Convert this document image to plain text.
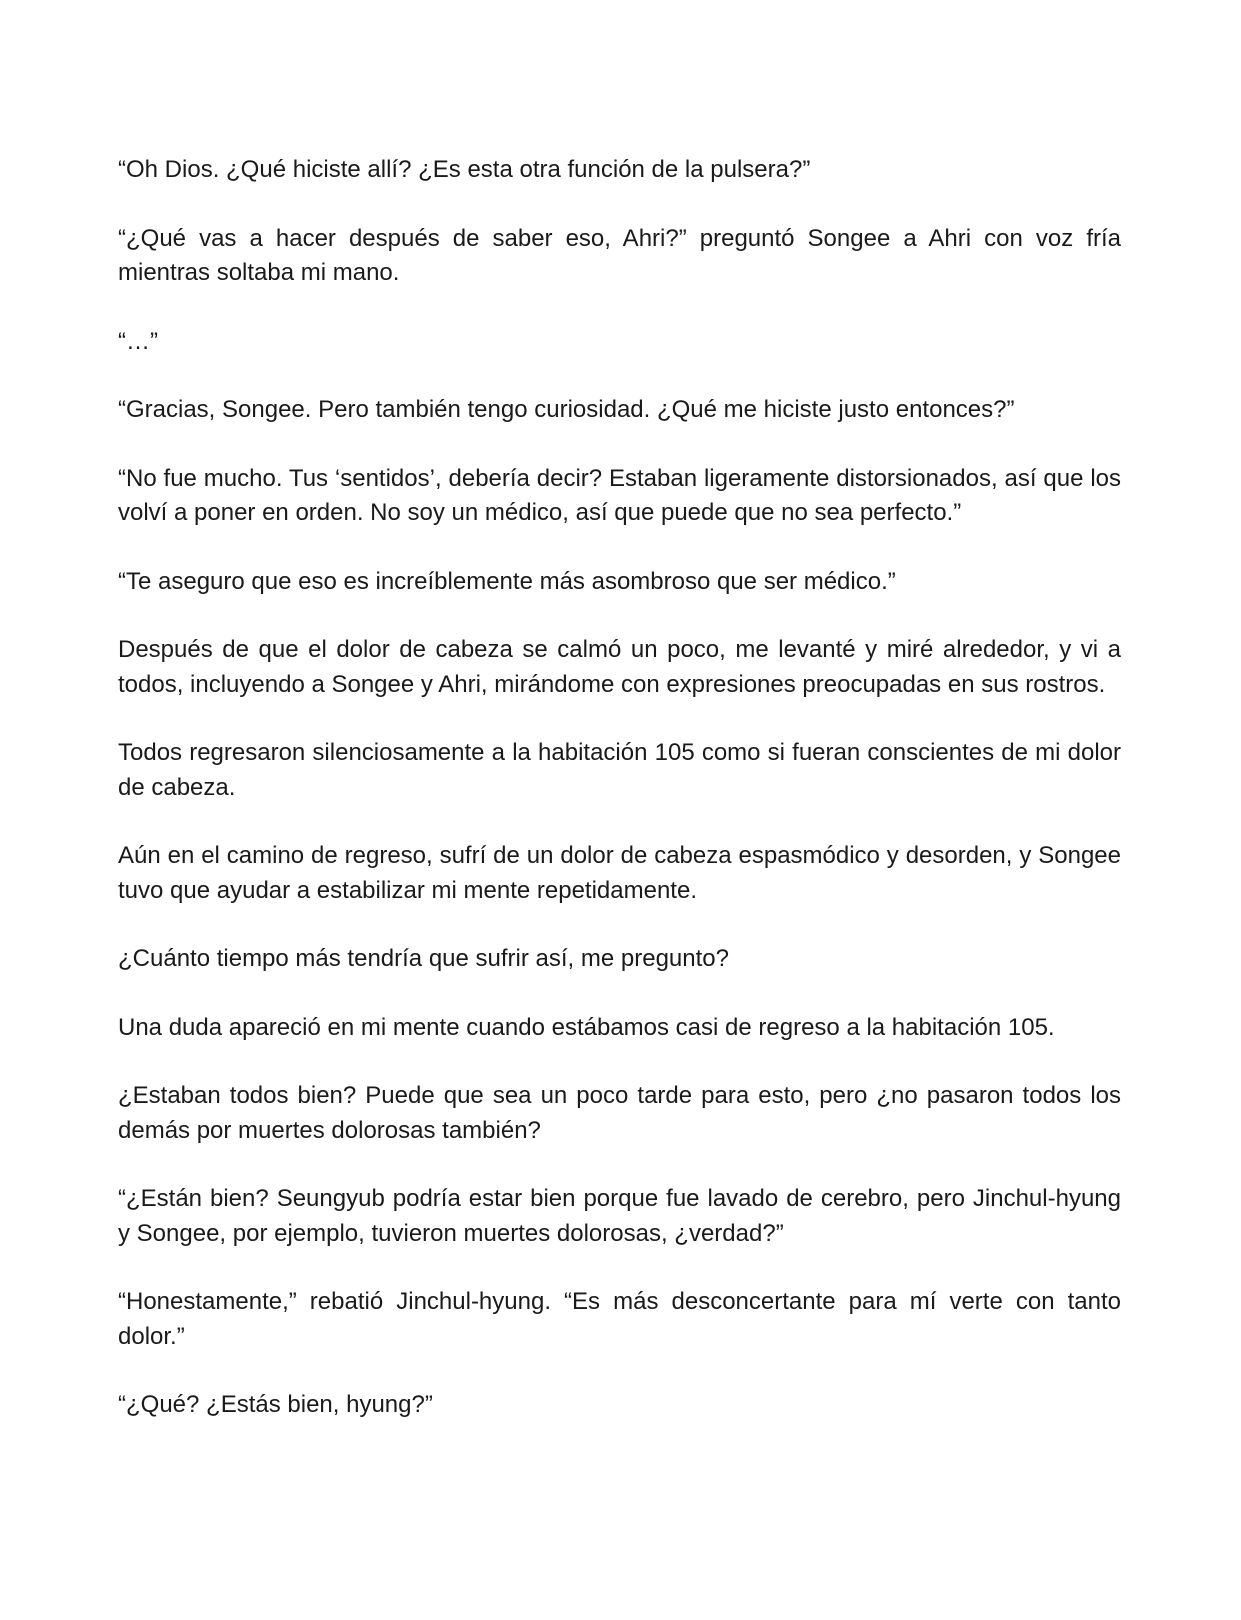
“Oh Dios. ¿Qué hiciste allí? ¿Es esta otra función de la pulsera?”

“¿Qué vas a hacer después de saber eso, Ahri?” preguntó Songee a Ahri con voz fría mientras soltaba mi mano.

“…”

“Gracias, Songee. Pero también tengo curiosidad. ¿Qué me hiciste justo entonces?”

“No fue mucho. Tus ‘sentidos’, debería decir? Estaban ligeramente distorsionados, así que los volví a poner en orden. No soy un médico, así que puede que no sea perfecto.”

“Te aseguro que eso es increíblemente más asombroso que ser médico.”

Después de que el dolor de cabeza se calmó un poco, me levanté y miré alrededor, y vi a todos, incluyendo a Songee y Ahri, mirándome con expresiones preocupadas en sus rostros.

Todos regresaron silenciosamente a la habitación 105 como si fueran conscientes de mi dolor de cabeza.

Aún en el camino de regreso, sufrí de un dolor de cabeza espasmódico y desorden, y Songee tuvo que ayudar a estabilizar mi mente repetidamente.

¿Cuánto tiempo más tendría que sufrir así, me pregunto?

Una duda apareció en mi mente cuando estábamos casi de regreso a la habitación 105.

¿Estaban todos bien? Puede que sea un poco tarde para esto, pero ¿no pasaron todos los demás por muertes dolorosas también?

“¿Están bien? Seungyub podría estar bien porque fue lavado de cerebro, pero Jinchul-hyung y Songee, por ejemplo, tuvieron muertes dolorosas, ¿verdad?”

“Honestamente,” rebatió Jinchul-hyung. “Es más desconcertante para mí verte con tanto dolor.”

“¿Qué? ¿Estás bien, hyung?”
